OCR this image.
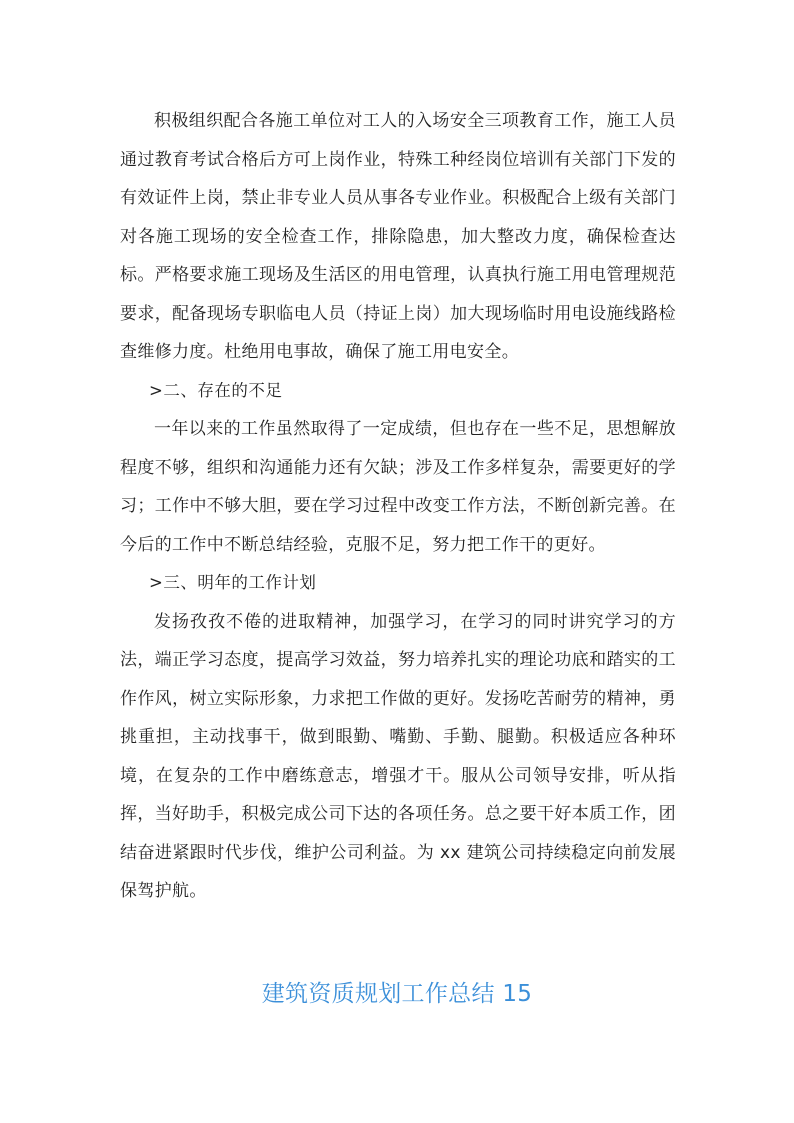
积极组织配合各施工单位对工人的入场安全三项教育工作，施工人员通过教育考试合格后方可上岗作业，特殊工种经岗位培训有关部门下发的有效证件上岗，禁止非专业人员从事各专业作业。积极配合上级有关部门对各施工现场的安全检查工作，排除隐患，加大整改力度，确保检查达标。严格要求施工现场及生活区的用电管理，认真执行施工用电管理规范要求，配备现场专职临电人员（持证上岗）加大现场临时用电设施线路检查维修力度。杜绝用电事故，确保了施工用电安全。

>二、存在的不足

一年以来的工作虽然取得了一定成绩，但也存在一些不足，思想解放程度不够，组织和沟通能力还有欠缺；涉及工作多样复杂，需要更好的学习；工作中不够大胆，要在学习过程中改变工作方法，不断创新完善。在今后的工作中不断总结经验，克服不足，努力把工作干的更好。

>三、明年的工作计划

发扬孜孜不倦的进取精神，加强学习，在学习的同时讲究学习的方法，端正学习态度，提高学习效益，努力培养扎实的理论功底和踏实的工作作风，树立实际形象，力求把工作做的更好。发扬吃苦耐劳的精神，勇挑重担，主动找事干，做到眼勤、嘴勤、手勤、腿勤。积极适应各种环境，在复杂的工作中磨练意志，增强才干。服从公司领导安排，听从指挥，当好助手，积极完成公司下达的各项任务。总之要干好本质工作，团结奋进紧跟时代步伐，维护公司利益。为 xx 建筑公司持续稳定向前发展保驾护航。

建筑资质规划工作总结 15
